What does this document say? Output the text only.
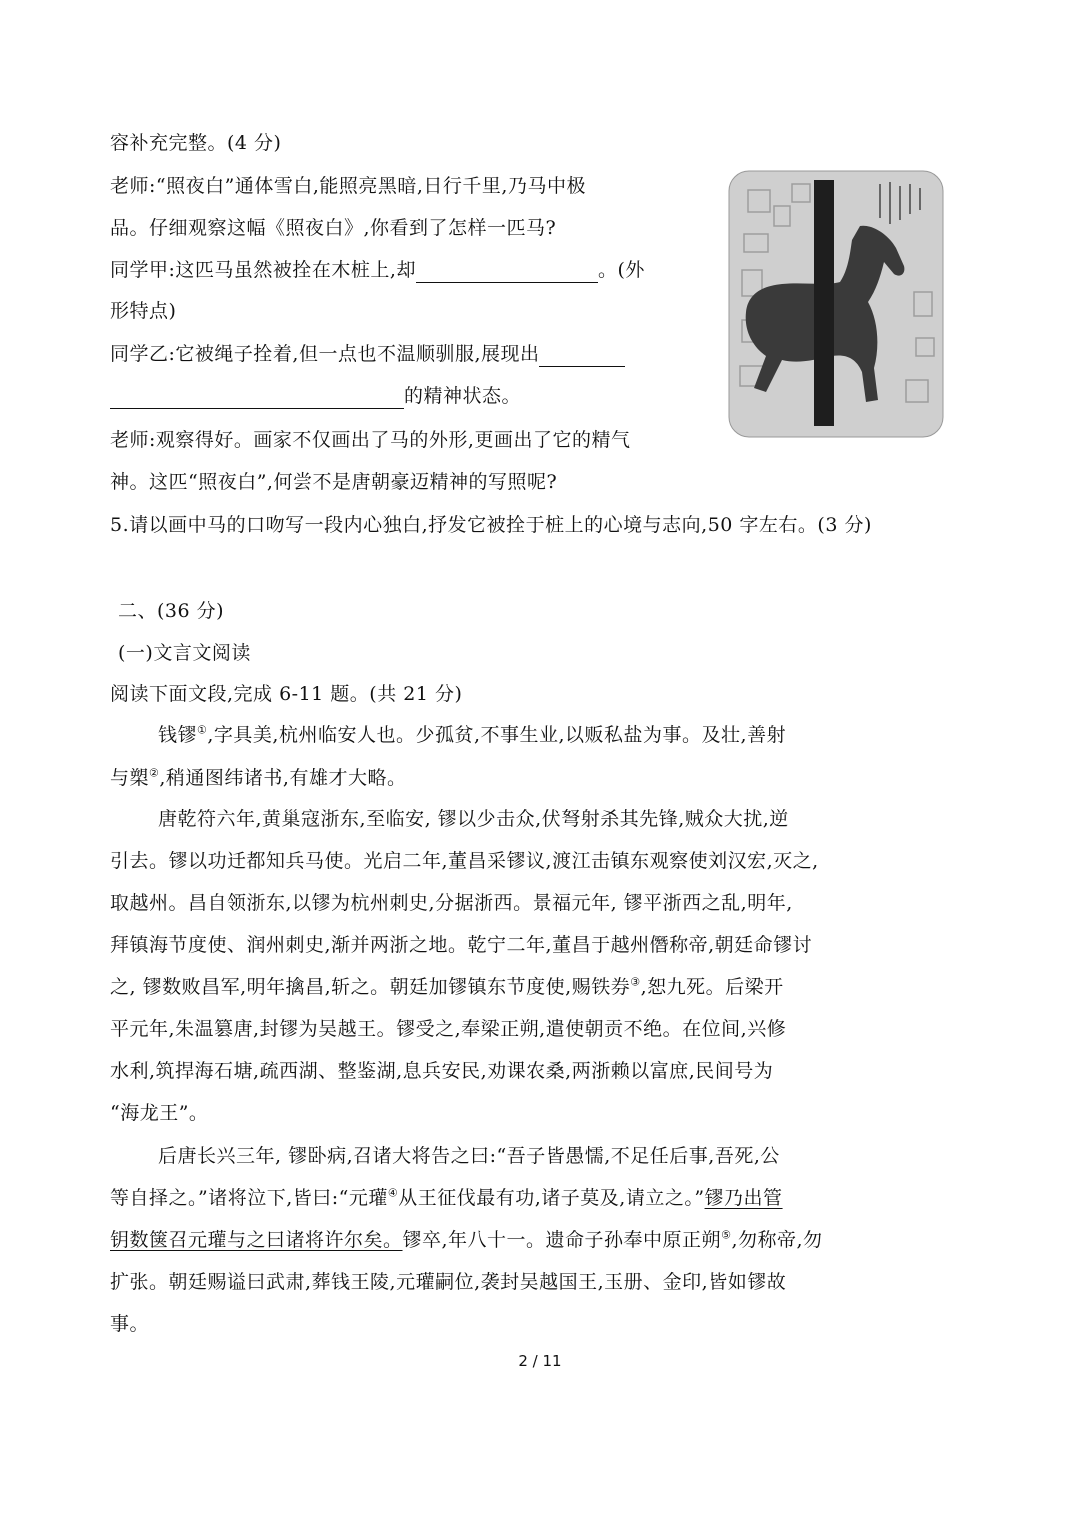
容补充完整。(4 分)
老师:“照夜白”通体雪白,能照亮黑暗,日行千里,乃马中极
品。仔细观察这幅《照夜白》,你看到了怎样一匹马?
同学甲:这匹马虽然被拴在木桩上,却	。(外
形特点)
同学乙:它被绳子拴着,但一点也不温顺驯服,展现出
的精神状态。
老师:观察得好。画家不仅画出了马的外形,更画出了它的精气
神。这匹“照夜白”,何尝不是唐朝豪迈精神的写照呢?
5.请以画中马的口吻写一段内心独白,抒发它被拴于桩上的心境与志向,50 字左右。(3 分)
二、(36 分)
(一)文言文阅读
阅读下面文段,完成 6-11 题。(共 21 分)
钱镠①,字具美,杭州临安人也。少孤贫,不事生业,以贩私盐为事。及壮,善射
与槊②,稍通图纬诸书,有雄才大略。
唐乾符六年,黄巢寇浙东,至临安, 镠以少击众,伏弩射杀其先锋,贼众大扰,逆
引去。镠以功迁都知兵马使。光启二年,董昌采镠议,渡江击镇东观察使刘汉宏,灭之,
取越州。昌自领浙东,以镠为杭州刺史,分据浙西。景福元年, 镠平浙西之乱,明年,
拜镇海节度使、润州刺史,渐并两浙之地。乾宁二年,董昌于越州僭称帝,朝廷命镠讨
之, 镠数败昌军,明年擒昌,斩之。朝廷加镠镇东节度使,赐铁券③,恕九死。后梁开
平元年,朱温篡唐,封镠为吴越王。镠受之,奉梁正朔,遣使朝贡不绝。在位间,兴修
水利,筑捍海石塘,疏西湖、整鉴湖,息兵安民,劝课农桑,两浙赖以富庶,民间号为
“海龙王”。
后唐长兴三年, 镠卧病,召诸大将告之曰:“吾子皆愚懦,不足任后事,吾死,公
等自择之。”诸将泣下,皆曰:“元瓘④从王征伐最有功,诸子莫及,请立之。”镠乃出管
钥数箧召元瓘与之曰诸将许尔矣。镠卒,年八十一。遗命子孙奉中原正朔⑤,勿称帝,勿
扩张。朝廷赐谥曰武肃,葬钱王陵,元瓘嗣位,袭封吴越国王,玉册、金印,皆如镠故
事。
2 / 11
